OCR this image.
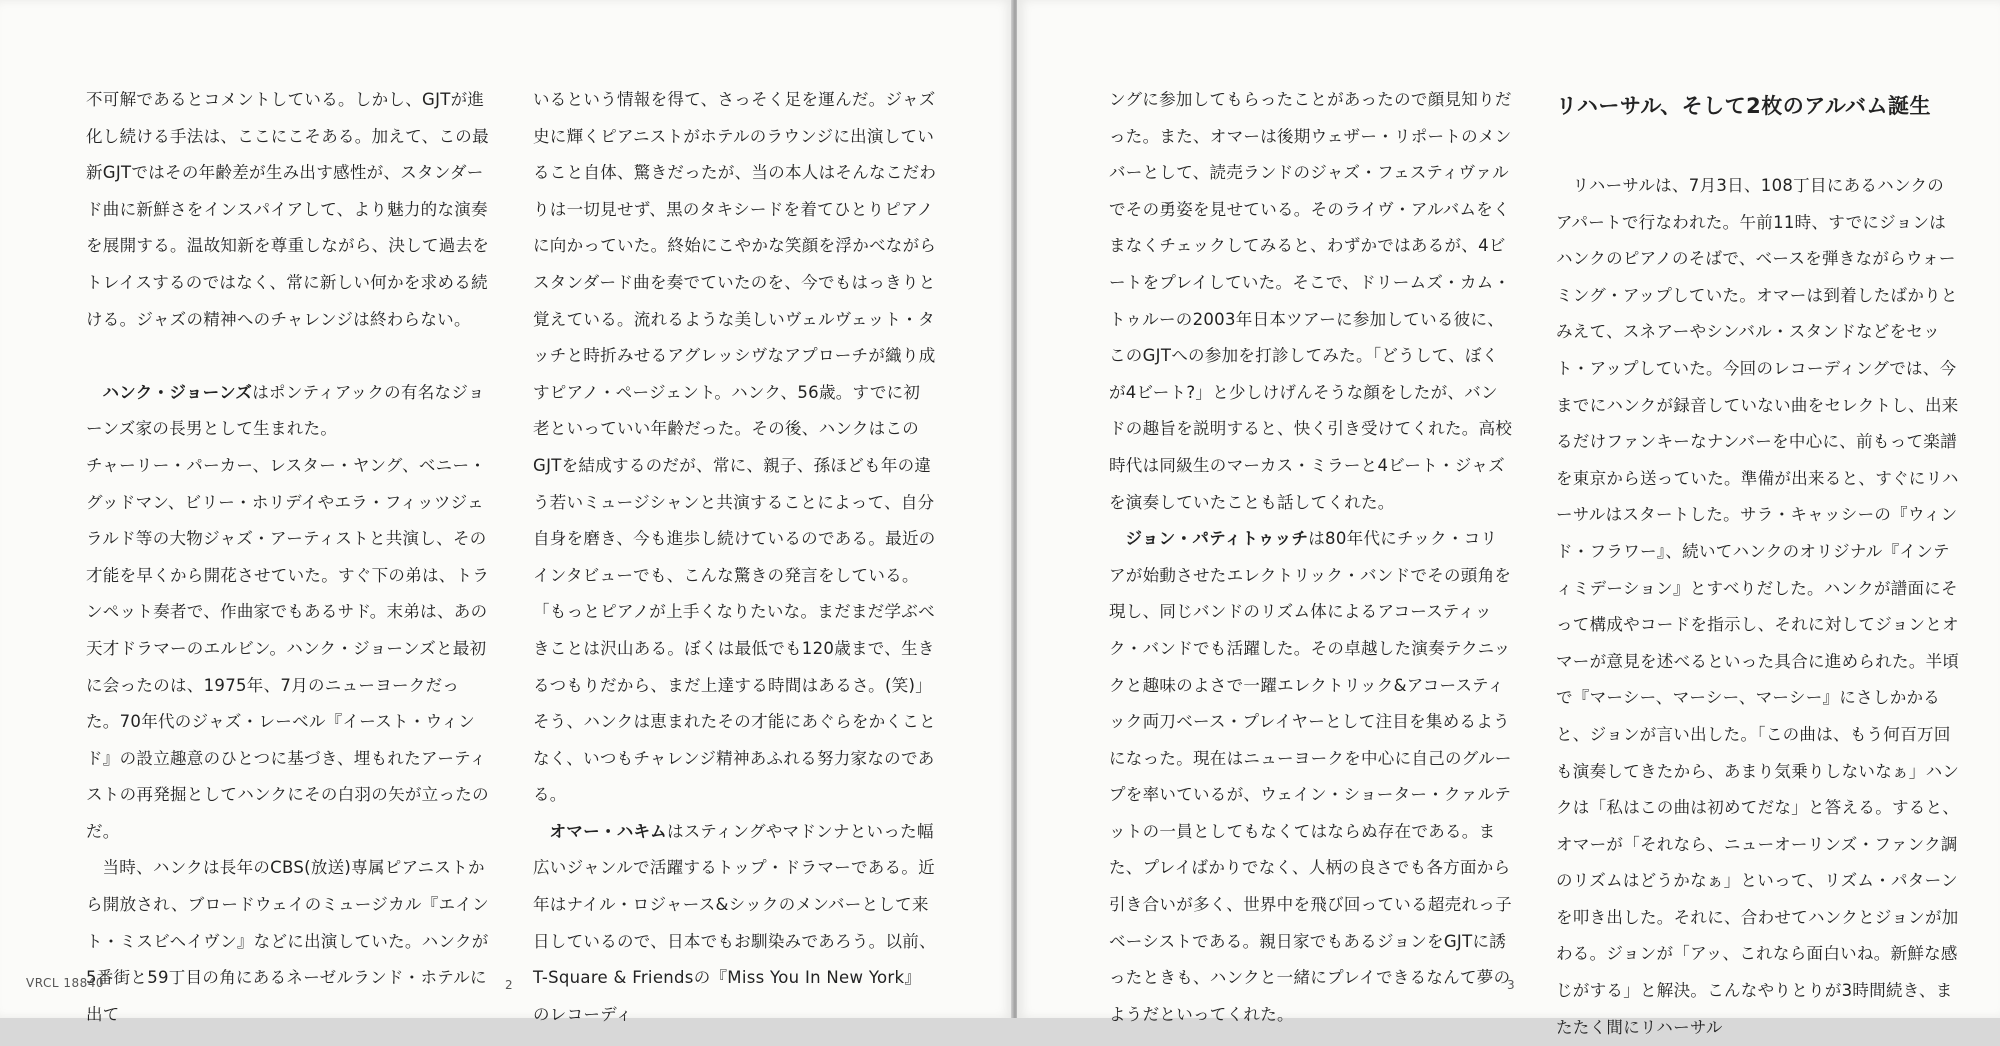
不可解であるとコメントしている。しかし、GJTが進化し続ける手法は、ここにこそある。加えて、この最新GJTではその年齢差が生み出す感性が、スタンダード曲に新鮮さをインスパイアして、より魅力的な演奏を展開する。温故知新を尊重しながら、決して過去をトレイスするのではなく、常に新しい何かを求める続ける。ジャズの精神へのチャレンジは終わらない。

ハンク・ジョーンズはポンティアックの有名なジョーンズ家の長男として生まれた。

チャーリー・パーカー、レスター・ヤング、ベニー・グッドマン、ビリー・ホリデイやエラ・フィッツジェラルド等の大物ジャズ・アーティストと共演し、その才能を早くから開花させていた。すぐ下の弟は、トランペット奏者で、作曲家でもあるサド。末弟は、あの天才ドラマーのエルビン。ハンク・ジョーンズと最初に会ったのは、1975年、7月のニューヨークだった。70年代のジャズ・レーベル『イースト・ウィンド』の設立趣意のひとつに基づき、埋もれたアーティストの再発掘としてハンクにその白羽の矢が立ったのだ。

当時、ハンクは長年のCBS(放送)専属ピアニストから開放され、ブロードウェイのミュージカル『エイント・ミスビヘイヴン』などに出演していた。ハンクが5番街と59丁目の角にあるネーゼルランド・ホテルに出て

いるという情報を得て、さっそく足を運んだ。ジャズ史に輝くピアニストがホテルのラウンジに出演していること自体、驚きだったが、当の本人はそんなこだわりは一切見せず、黒のタキシードを着てひとりピアノに向かっていた。終始にこやかな笑顔を浮かべながらスタンダード曲を奏でていたのを、今でもはっきりと覚えている。流れるような美しいヴェルヴェット・タッチと時折みせるアグレッシヴなアプローチが織り成すピアノ・ページェント。ハンク、56歳。すでに初老といっていい年齢だった。その後、ハンクはこのGJTを結成するのだが、常に、親子、孫ほども年の違う若いミュージシャンと共演することによって、自分自身を磨き、今も進歩し続けているのである。最近のインタビューでも、こんな驚きの発言をしている。「もっとピアノが上手くなりたいな。まだまだ学ぶべきことは沢山ある。ぼくは最低でも120歳まで、生きるつもりだから、まだ上達する時間はあるさ。(笑)」そう、ハンクは恵まれたその才能にあぐらをかくことなく、いつもチャレンジ精神あふれる努力家なのである。

オマー・ハキムはスティングやマドンナといった幅広いジャンルで活躍するトップ・ドラマーである。近年はナイル・ロジャース&シックのメンバーとして来日しているので、日本でもお馴染みであろう。以前、T-Square & Friendsの『Miss You In New York』のレコーディ

VRCL 18840	2

ングに参加してもらったことがあったので顔見知りだった。また、オマーは後期ウェザー・リポートのメンバーとして、読売ランドのジャズ・フェスティヴァルでその勇姿を見せている。そのライヴ・アルバムをくまなくチェックしてみると、わずかではあるが、4ビートをプレイしていた。そこで、ドリームズ・カム・トゥルーの2003年日本ツアーに参加している彼に、このGJTへの参加を打診してみた。「どうして、ぼくが4ビート?」と少しけげんそうな顔をしたが、バンドの趣旨を説明すると、快く引き受けてくれた。高校時代は同級生のマーカス・ミラーと4ビート・ジャズを演奏していたことも話してくれた。

ジョン・パティトゥッチは80年代にチック・コリアが始動させたエレクトリック・バンドでその頭角を現し、同じバンドのリズム体によるアコースティック・バンドでも活躍した。その卓越した演奏テクニックと趣味のよさで一躍エレクトリック&アコースティック両刀ベース・プレイヤーとして注目を集めるようになった。現在はニューヨークを中心に自己のグループを率いているが、ウェイン・ショーター・クァルテットの一員としてもなくてはならぬ存在である。また、プレイばかりでなく、人柄の良さでも各方面から引き合いが多く、世界中を飛び回っている超売れっ子ベーシストである。親日家でもあるジョンをGJTに誘ったときも、ハンクと一緒にプレイできるなんて夢のようだといってくれた。

リハーサル、そして2枚のアルバム誕生

リハーサルは、7月3日、108丁目にあるハンクのアパートで行なわれた。午前11時、すでにジョンはハンクのピアノのそばで、ベースを弾きながらウォーミング・アップしていた。オマーは到着したばかりとみえて、スネアーやシンバル・スタンドなどをセット・アップしていた。今回のレコーディングでは、今までにハンクが録音していない曲をセレクトし、出来るだけファンキーなナンバーを中心に、前もって楽譜を東京から送っていた。準備が出来ると、すぐにリハーサルはスタートした。サラ・キャッシーの『ウィンド・フラワー』、続いてハンクのオリジナル『インティミデーション』とすべりだした。ハンクが譜面にそって構成やコードを指示し、それに対してジョンとオマーが意見を述べるといった具合に進められた。半頃で『マーシー、マーシー、マーシー』にさしかかると、ジョンが言い出した。「この曲は、もう何百万回も演奏してきたから、あまり気乗りしないなぁ」ハンクは「私はこの曲は初めてだな」と答える。すると、オマーが「それなら、ニューオーリンズ・ファンク調のリズムはどうかなぁ」といって、リズム・パターンを叩き出した。それに、合わせてハンクとジョンが加わる。ジョンが「アッ、これなら面白いね。新鮮な感じがする」と解決。こんなやりとりが3時間続き、またたく間にリハーサル

3
